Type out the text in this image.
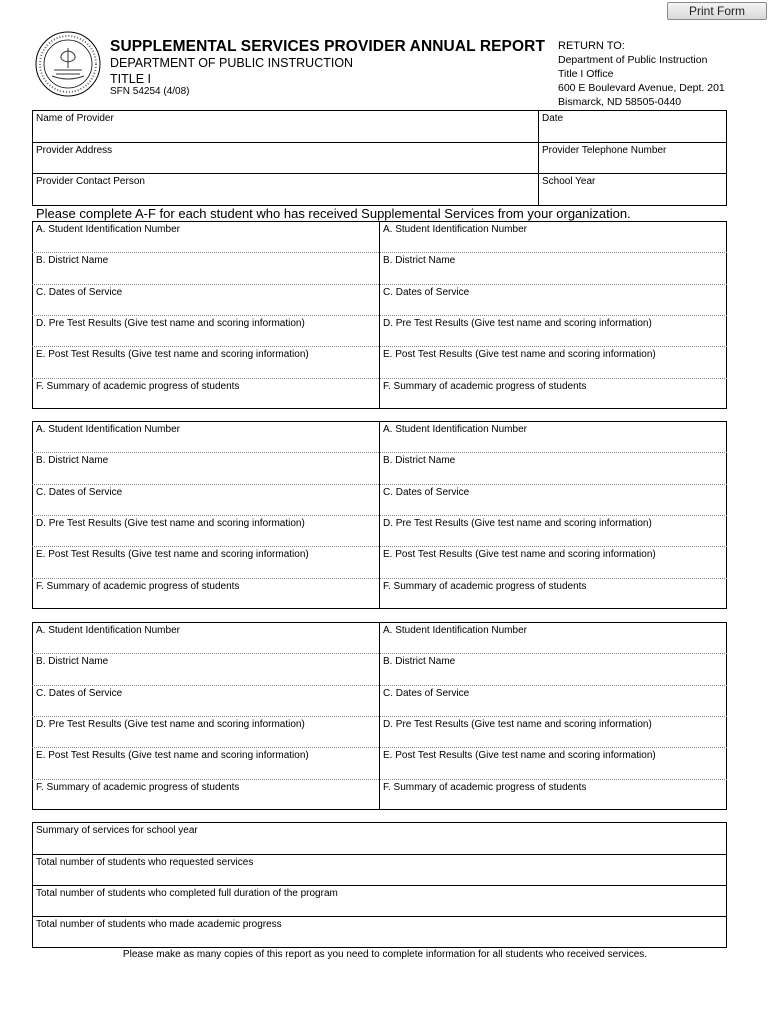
Print Form
SUPPLEMENTAL SERVICES PROVIDER ANNUAL REPORT
DEPARTMENT OF PUBLIC INSTRUCTION
TITLE I
SFN 54254 (4/08)
RETURN TO:
Department of Public Instruction
Title I Office
600 E Boulevard Avenue, Dept. 201
Bismarck, ND 58505-0440
Name of Provider	Date
Provider Address	Provider Telephone Number
Provider Contact Person	School Year
Please complete A-F for each student who has received Supplemental Services from your organization.
A. Student Identification Number	A. Student Identification Number
B. District Name	B. District Name
C. Dates of Service	C. Dates of Service
D. Pre Test Results (Give test name and scoring information)	D. Pre Test Results (Give test name and scoring information)
E. Post Test Results (Give test name and scoring information)	E. Post Test Results (Give test name and scoring information)
F. Summary of academic progress of students	F. Summary of academic progress of students
A. Student Identification Number	A. Student Identification Number
B. District Name	B. District Name
C. Dates of Service	C. Dates of Service
D. Pre Test Results (Give test name and scoring information)	D. Pre Test Results (Give test name and scoring information)
E. Post Test Results (Give test name and scoring information)	E. Post Test Results (Give test name and scoring information)
F. Summary of academic progress of students	F. Summary of academic progress of students
A. Student Identification Number	A. Student Identification Number
B. District Name	B. District Name
C. Dates of Service	C. Dates of Service
D. Pre Test Results (Give test name and scoring information)	D. Pre Test Results (Give test name and scoring information)
E. Post Test Results (Give test name and scoring information)	E. Post Test Results (Give test name and scoring information)
F. Summary of academic progress of students	F. Summary of academic progress of students
Summary of services for school year
Total number of students who requested services
Total number of students who completed full duration of the program
Total number of students who made academic progress
Please make as many copies of this report as you need to complete information for all students who received services.
